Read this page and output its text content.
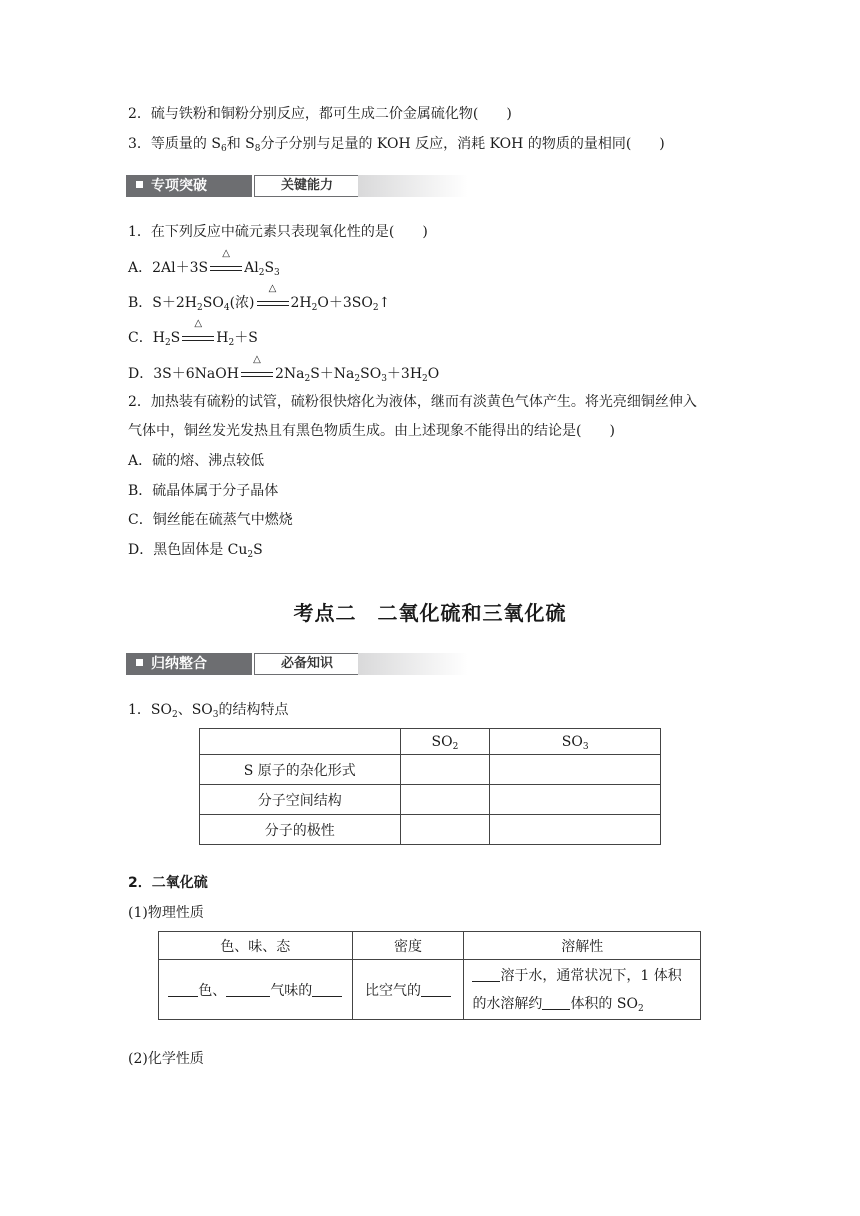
2．硫与铁粉和铜粉分别反应，都可生成二价金属硫化物(　　)
3．等质量的 $S_6$和 $S_8$分子分别与足量的 KOH 反应，消耗 KOH 的物质的量相同(　　)
专项突破	关键能力
1．在下列反应中硫元素只表现氧化性的是(　　)
A．2Al＋3S
△
$Al_2S_3$
B．$S+2H_2SO_4$(浓)
△
$2H_2O+3SO_2↑$
C．$H_2S$
△
$H_2+S$
D．3S＋6NaOH
△
$2Na_2S+Na_2SO_3+3H_2O$
2．加热装有硫粉的试管，硫粉很快熔化为液体，继而有淡黄色气体产生。将光亮细铜丝伸入
气体中，铜丝发光发热且有黑色物质生成。由上述现象不能得出的结论是(　　)
A．硫的熔、沸点较低
B．硫晶体属于分子晶体
C．铜丝能在硫蒸气中燃烧
D．黑色固体是 $Cu_2S$
考点二　二氧化硫和三氧化硫
归纳整合	必备知识
1．$SO_2$、$SO_3$的结构特点
	$SO_2$	$SO_3$
S 原子的杂化形式		
分子空间结构		
分子的极性		
2．二氧化硫
(1)物理性质
色、味、态	密度	溶解性
色、 气味的	比空气的	溶于水，通常状况下，1 体积
的水溶解约 体积的 $SO_2$
(2)化学性质
